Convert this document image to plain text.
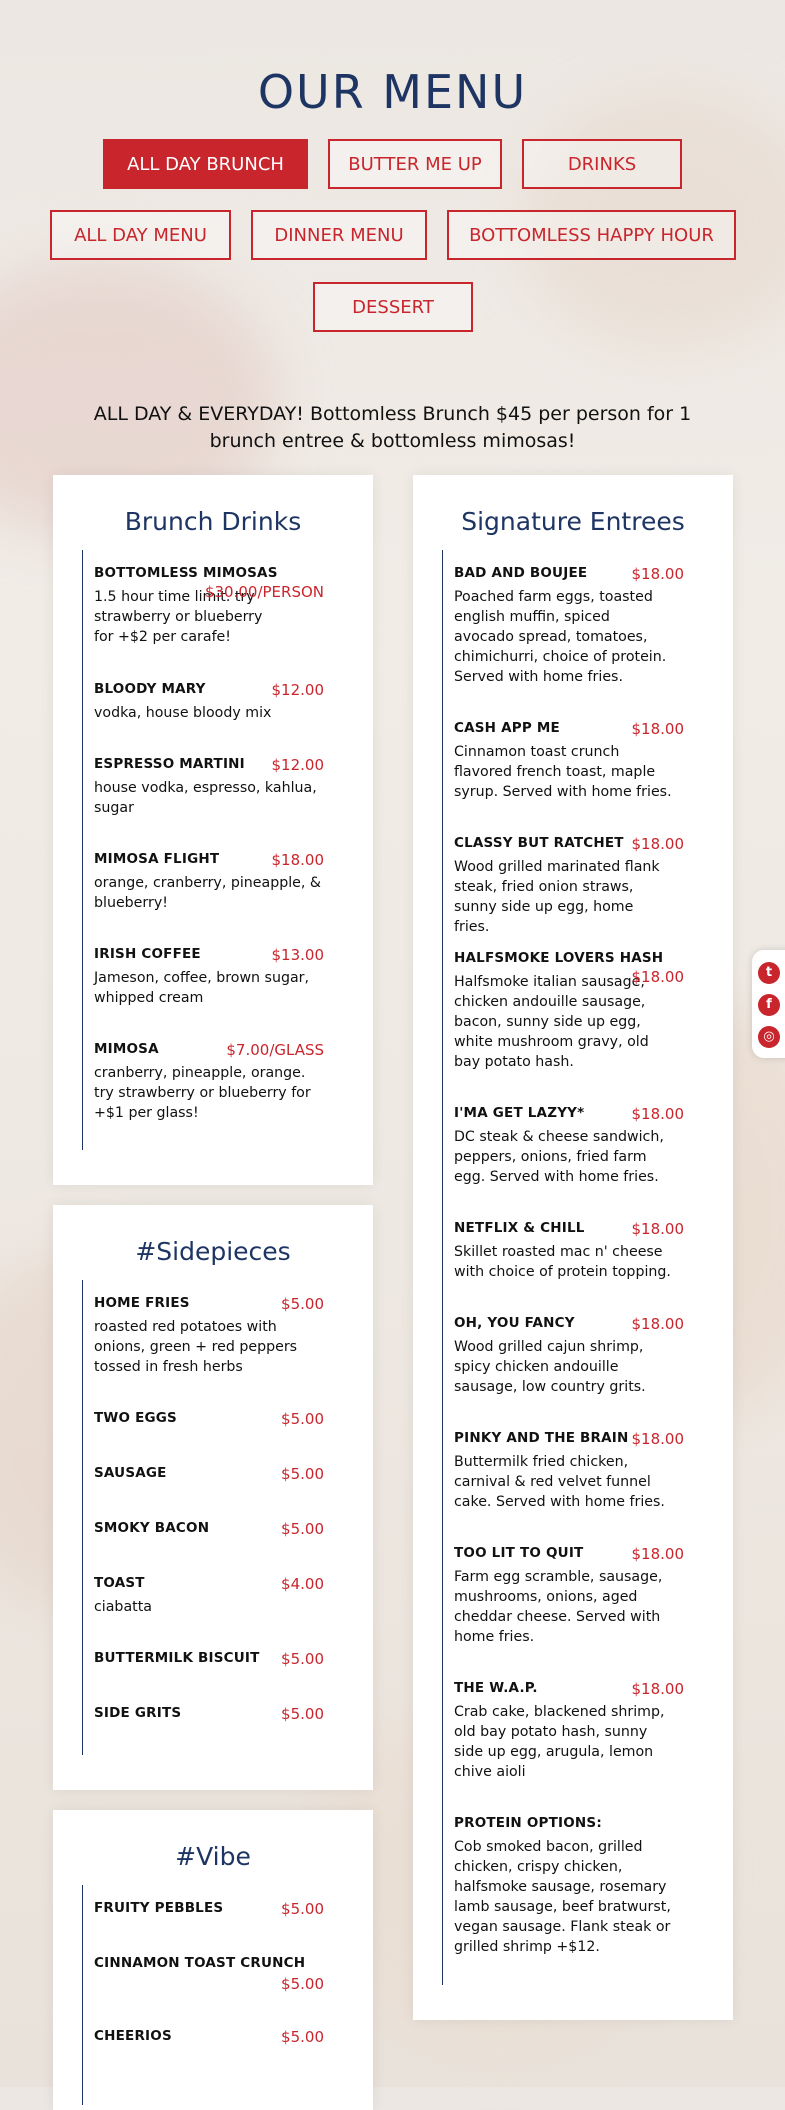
OUR MENU
ALL DAY BRUNCH	BUTTER ME UP	DRINKS
ALL DAY MENU	DINNER MENU	BOTTOMLESS HAPPY HOUR
DESSERT

ALL DAY & EVERYDAY! Bottomless Brunch $45 per person for 1 brunch entree & bottomless mimosas!

Brunch Drinks
BOTTOMLESS MIMOSAS
$30.00/PERSON
1.5 hour time limit. try strawberry or blueberry for +$2 per carafe!
BLOODY MARY	$12.00
vodka, house bloody mix
ESPRESSO MARTINI	$12.00
house vodka, espresso, kahlua, sugar
MIMOSA FLIGHT	$18.00
orange, cranberry, pineapple, & blueberry!
IRISH COFFEE	$13.00
Jameson, coffee, brown sugar, whipped cream
MIMOSA	$7.00/GLASS
cranberry, pineapple, orange. try strawberry or blueberry for +$1 per glass!
#Sidepieces
HOME FRIES	$5.00
roasted red potatoes with onions, green + red peppers tossed in fresh herbs
TWO EGGS	$5.00
SAUSAGE	$5.00
SMOKY BACON	$5.00
TOAST	$4.00
ciabatta
BUTTERMILK BISCUIT	$5.00
SIDE GRITS	$5.00
#Vibe
FRUITY PEBBLES	$5.00
CINNAMON TOAST CRUNCH
$5.00
CHEERIOS	$5.00
Signature Entrees
BAD AND BOUJEE	$18.00
Poached farm eggs, toasted english muffin, spiced avocado spread, tomatoes, chimichurri, choice of protein. Served with home fries.
CASH APP ME	$18.00
Cinnamon toast crunch flavored french toast, maple syrup. Served with home fries.
CLASSY BUT RATCHET $18.00
Wood grilled marinated flank steak, fried onion straws, sunny side up egg, home fries.
HALFSMOKE LOVERS HASH
$18.00
Halfsmoke italian sausage, chicken andouille sausage, bacon, sunny side up egg, white mushroom gravy, old bay potato hash.
I'MA GET LAZYY*	$18.00
DC steak & cheese sandwich, peppers, onions, fried farm egg. Served with home fries.
NETFLIX & CHILL	$18.00
Skillet roasted mac n' cheese with choice of protein topping.
OH, YOU FANCY	$18.00
Wood grilled cajun shrimp, spicy chicken andouille sausage, low country grits.
PINKY AND THE BRAIN $18.00
Buttermilk fried chicken, carnival & red velvet funnel cake. Served with home fries.
TOO LIT TO QUIT	$18.00
Farm egg scramble, sausage, mushrooms, onions, aged cheddar cheese. Served with home fries.
THE W.A.P.	$18.00
Crab cake, blackened shrimp, old bay potato hash, sunny side up egg, arugula, lemon chive aioli
PROTEIN OPTIONS:
Cob smoked bacon, grilled chicken, crispy chicken, halfsmoke sausage, rosemary lamb sausage, beef bratwurst, vegan sausage. Flank steak or grilled shrimp +$12.
t
f
◎
